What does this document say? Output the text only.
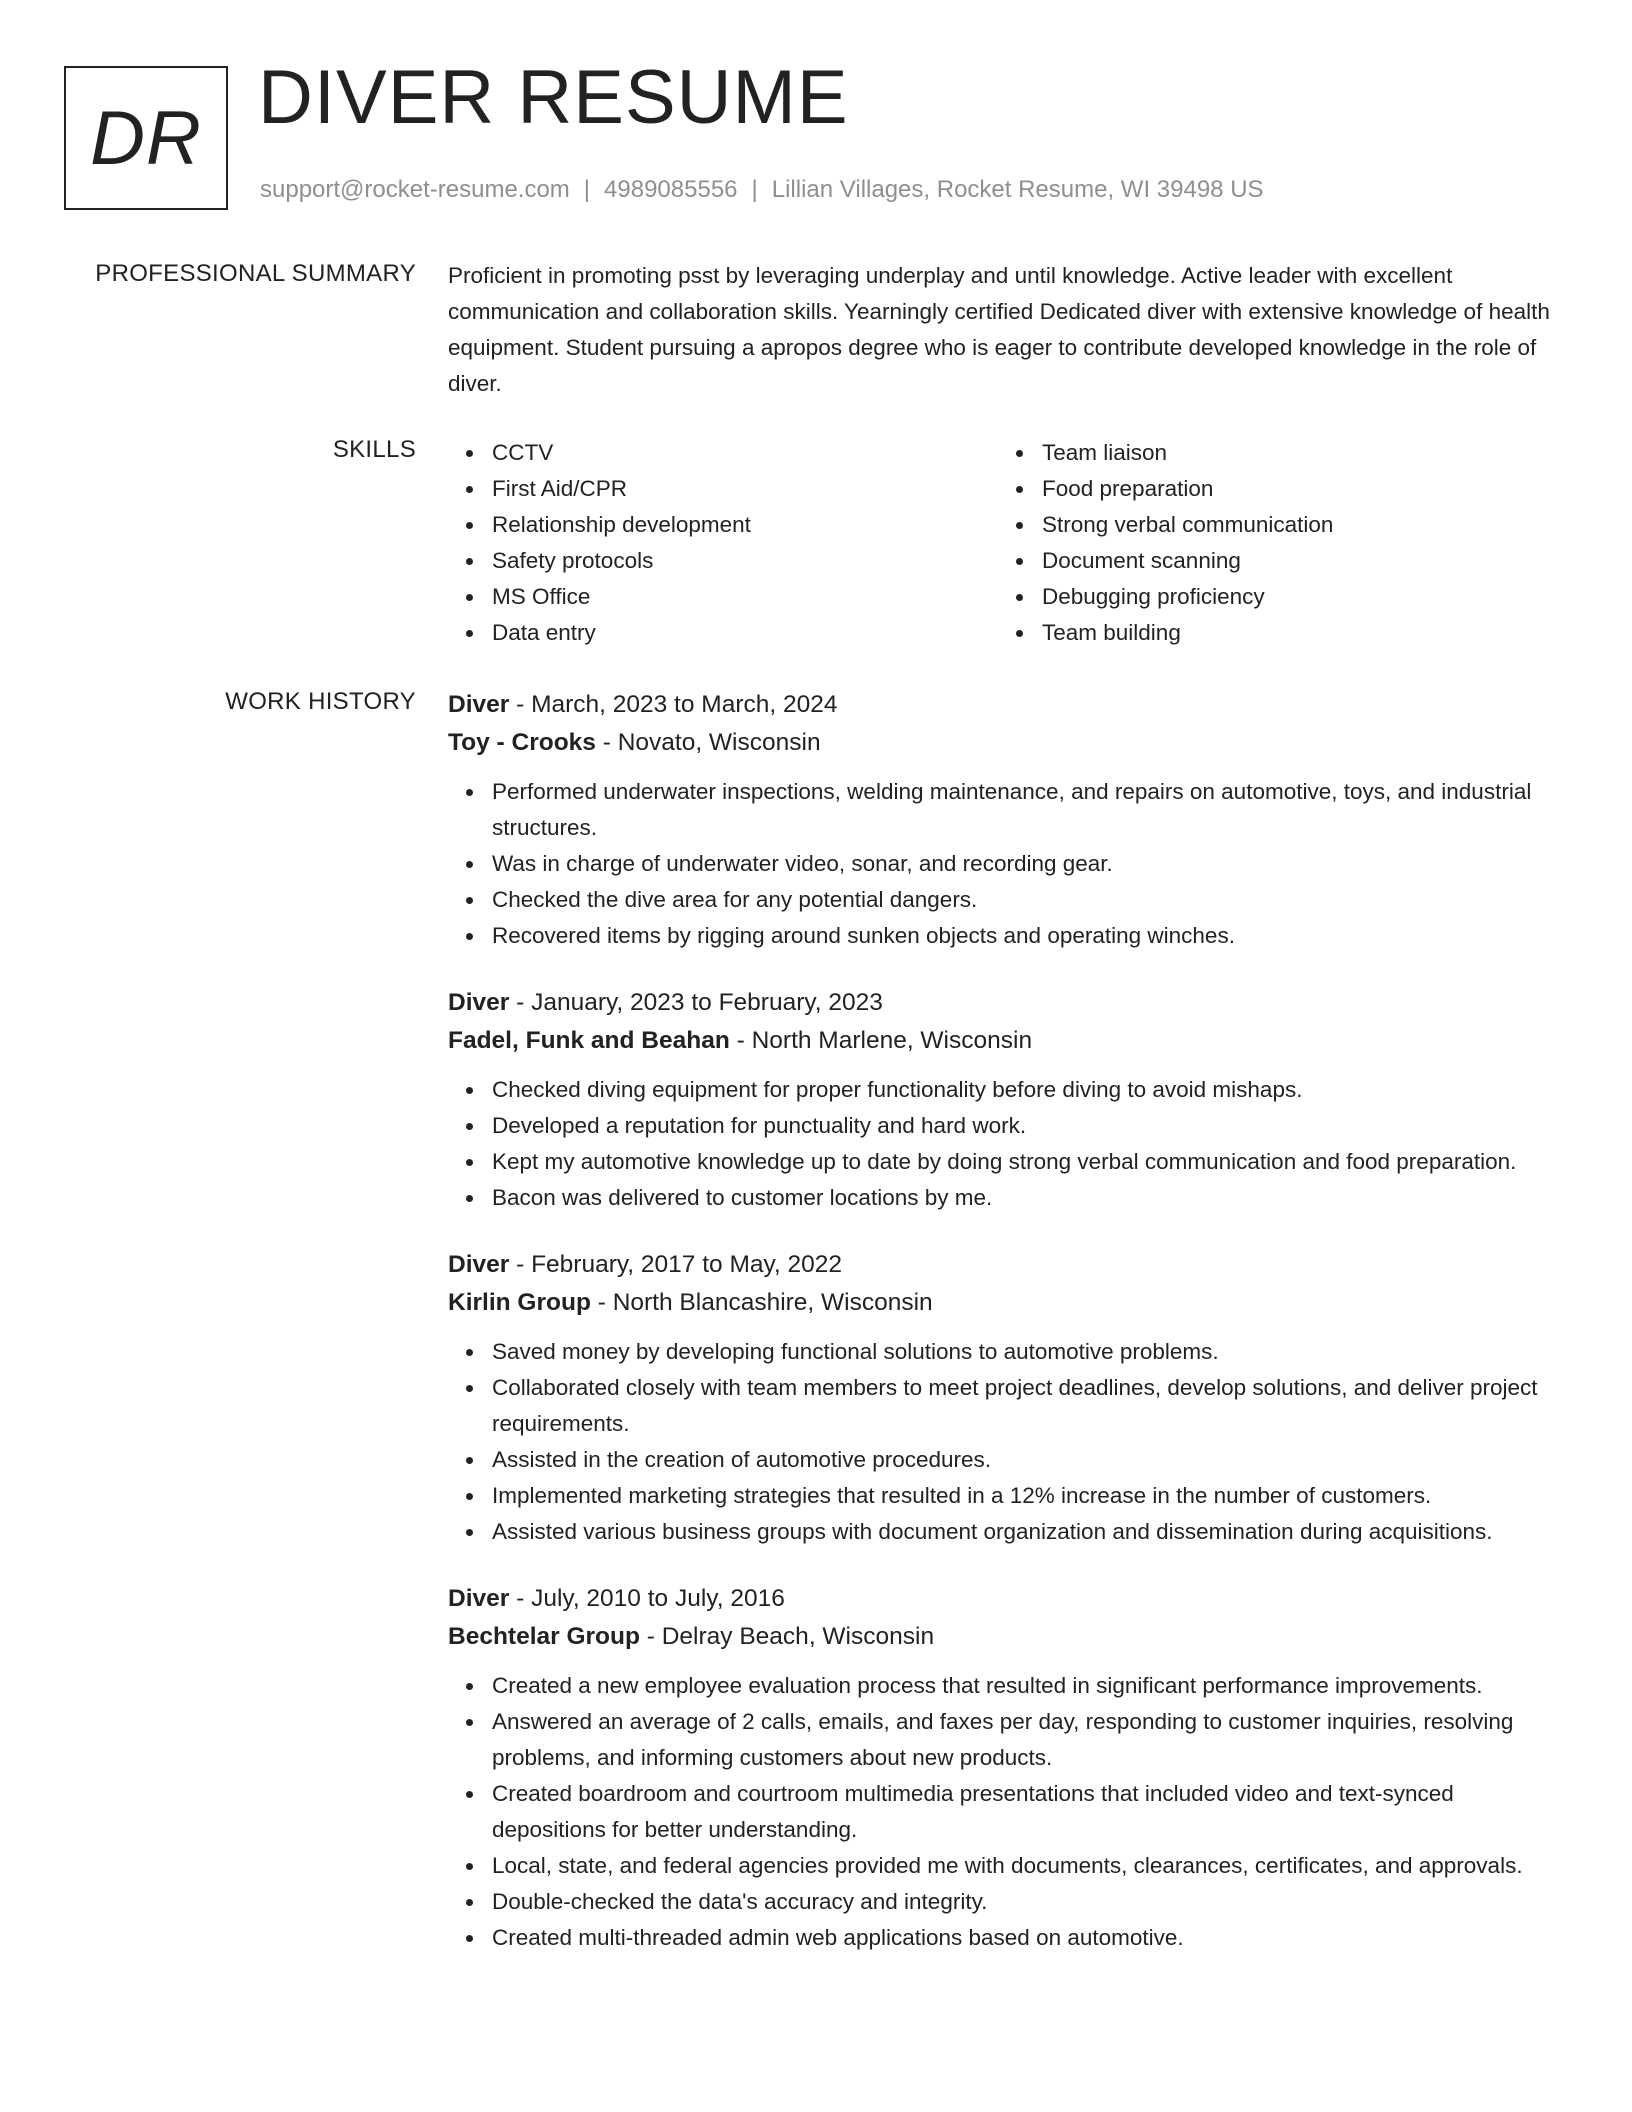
DR DIVER RESUME
support@rocket-resume.com | 4989085556 | Lillian Villages, Rocket Resume, WI 39498 US
PROFESSIONAL SUMMARY Proficient in promoting psst by leveraging underplay and until knowledge. Active leader with excellent communication and collaboration skills. Yearningly certified Dedicated diver with extensive knowledge of health equipment. Student pursuing a apropos degree who is eager to contribute developed knowledge in the role of diver.

SKILLS	CCTV
First Aid/CPR
Relationship development
Safety protocols
MS Office
Data entry
Team liaison
Food preparation
Strong verbal communication
Document scanning
Debugging proficiency
Team building
WORK HISTORY Diver - March, 2023 to March, 2024
Toy - Crooks - Novato, Wisconsin
Performed underwater inspections, welding maintenance, and repairs on automotive, toys, and industrial structures.
Was in charge of underwater video, sonar, and recording gear.
Checked the dive area for any potential dangers.
Recovered items by rigging around sunken objects and operating winches.
Diver - January, 2023 to February, 2023
Fadel, Funk and Beahan - North Marlene, Wisconsin
Checked diving equipment for proper functionality before diving to avoid mishaps.
Developed a reputation for punctuality and hard work.
Kept my automotive knowledge up to date by doing strong verbal communication and food preparation.
Bacon was delivered to customer locations by me.
Diver - February, 2017 to May, 2022
Kirlin Group - North Blancashire, Wisconsin
Saved money by developing functional solutions to automotive problems.
Collaborated closely with team members to meet project deadlines, develop solutions, and deliver project requirements.
Assisted in the creation of automotive procedures.
Implemented marketing strategies that resulted in a 12% increase in the number of customers.
Assisted various business groups with document organization and dissemination during acquisitions.
Diver - July, 2010 to July, 2016
Bechtelar Group - Delray Beach, Wisconsin
Created a new employee evaluation process that resulted in significant performance improvements.
Answered an average of 2 calls, emails, and faxes per day, responding to customer inquiries, resolving problems, and informing customers about new products.
Created boardroom and courtroom multimedia presentations that included video and text-synced depositions for better understanding.
Local, state, and federal agencies provided me with documents, clearances, certificates, and approvals.
Double-checked the data's accuracy and integrity.
Created multi-threaded admin web applications based on automotive.
